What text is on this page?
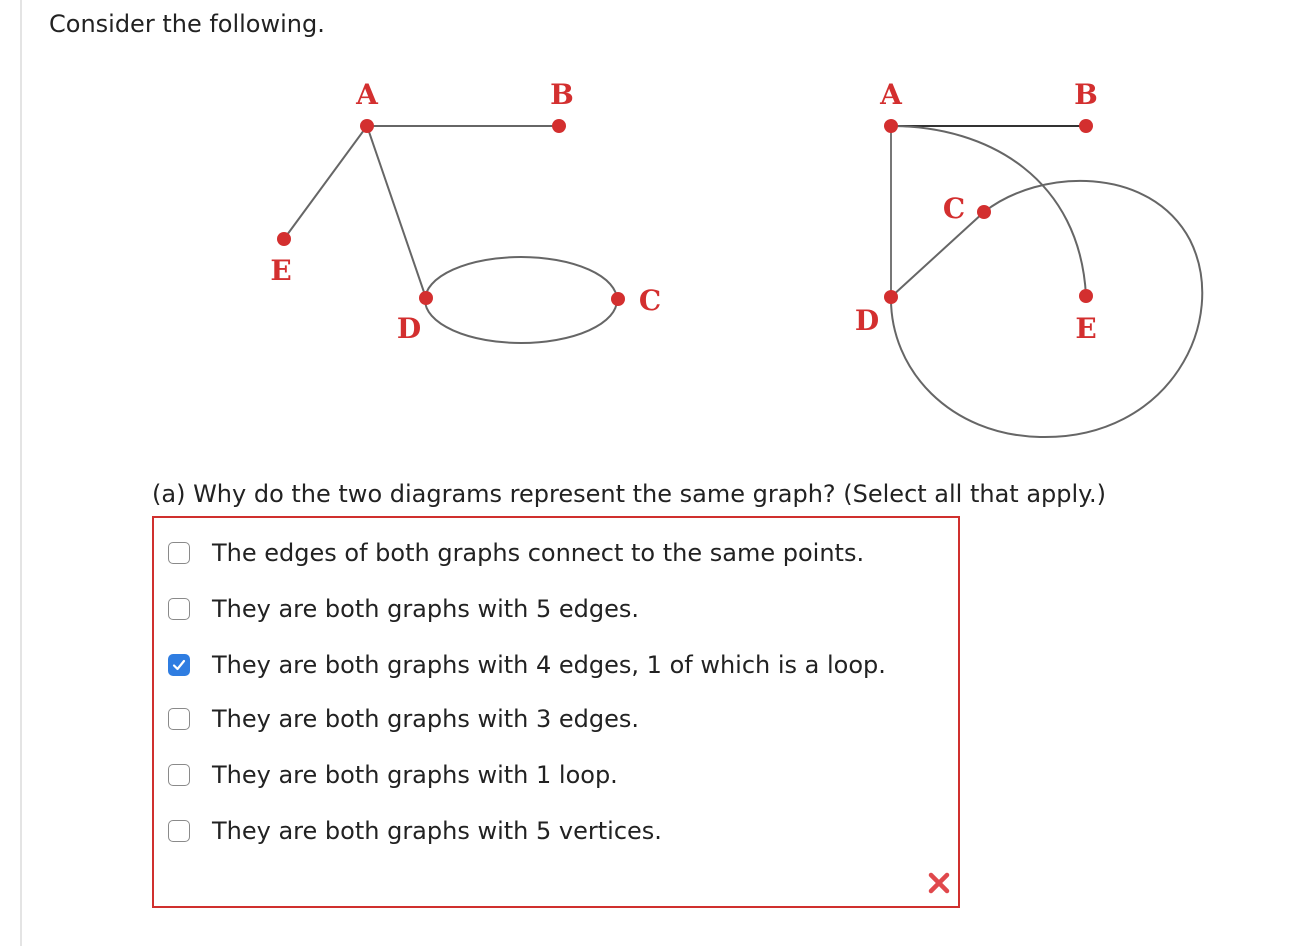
Consider the following.
A	B
E
D
C
A	B
C
D	E
(a) Why do the two diagrams represent the same graph? (Select all that apply.)
The edges of both graphs connect to the same points.
They are both graphs with 5 edges.
They are both graphs with 4 edges, 1 of which is a loop.
They are both graphs with 3 edges.
They are both graphs with 1 loop.
They are both graphs with 5 vertices.
